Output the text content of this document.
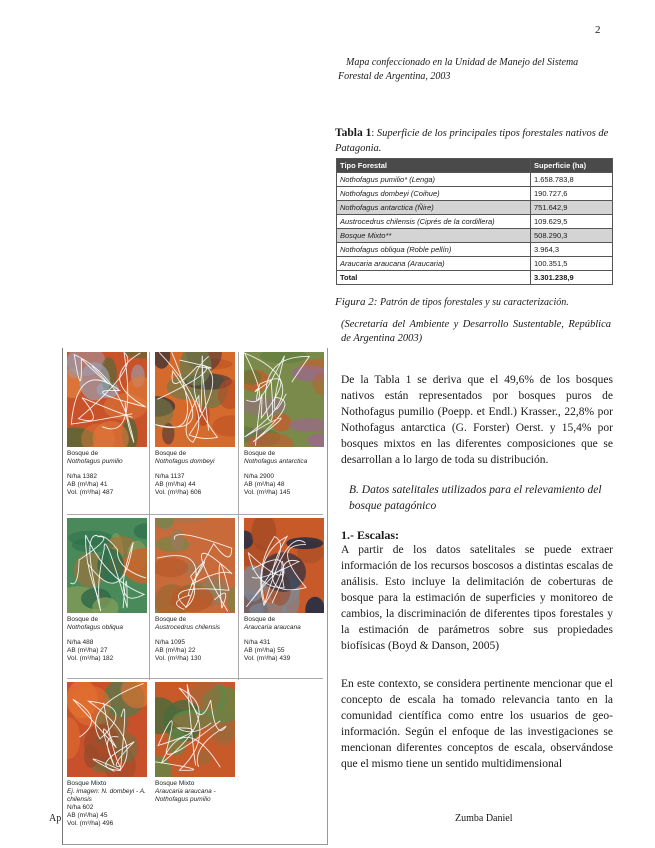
2
Mapa confeccionado en la Unidad de Manejo del Sistema
Forestal de Argentina, 2003
Tabla 1: Superficie de los principales tipos forestales nativos de Patagonia.
Tipo Forestal	Superficie (ha)
Nothofagus pumilio* (Lenga)	1.658.783,8
Nothofagus dombeyi (Coihue)	190.727,6
Nothofagus antarctica (Ñire)	751.642,9
Austrocedrus chilensis (Ciprés de la cordillera)	109.629,5
Bosque Mixto**	508.290,3
Nothofagus obliqua (Roble pellín)	3.964,3
Araucaria araucana (Araucaria)	100.351,5
Total	3.301.238,9
Figura 2: Patrón de tipos forestales y su caracterización.
(Secretaría del Ambiente y Desarrollo Sustentable, República de Argentina 2003)
De la Tabla 1 se deriva que el 49,6% de los bosques nativos están representados por bosques puros de Nothofagus pumilio (Poepp. et Endl.) Krasser., 22,8% por Nothofagus antarctica (G. Forster) Oerst. y 15,4% por bosques mixtos en las diferentes composiciones que se desarrollan a lo largo de toda su distribución.
B. Datos satelitales utilizados para el relevamiento del bosque patagónico
1.- Escalas:
A partir de los datos satelitales se puede extraer información de los recursos boscosos a distintas escalas de análisis. Esto incluye la delimitación de coberturas de bosque para la estimación de superficies y monitoreo de cambios, la discriminación de diferentes tipos forestales y la estimación de parámetros sobre sus propiedades biofísicas (Boyd & Danson, 2005)
En este contexto, se considera pertinente mencionar que el concepto de escala ha tomado relevancia tanto en la comunidad científica como entre los usuarios de geo-información. Según el enfoque de las investigaciones se mencionan diferentes conceptos de escala, observándose que el mismo tiene un sentido multidimensional
Ap	Zumba Daniel
Bosque de
Nothofagus pumilio
N/ha 1382
AB (m²/ha) 41
Vol. (m³/ha) 487
Bosque de
Nothofagus dombeyi
N/ha 1137
AB (m²/ha) 44
Vol. (m³/ha) 606
Bosque de
Nothofagus antarctica
N/ha 2900
AB (m²/ha) 48
Vol. (m³/ha) 145
Bosque de
Nothofagus obliqua
N/ha 488
AB (m²/ha) 27
Vol. (m³/ha) 182
Bosque de
Austrocedrus chilensis
N/ha 1095
AB (m²/ha) 22
Vol. (m³/ha) 130
Bosque de
Araucaria araucana
N/ha 431
AB (m²/ha) 55
Vol. (m³/ha) 439
Bosque Mixto
Ej. imagen: N. dombeyi - A. chilensis
N/ha 602
AB (m²/ha) 45
Vol. (m³/ha) 496
Bosque Mixto
Araucaria araucana - Nothofagus pumilio
